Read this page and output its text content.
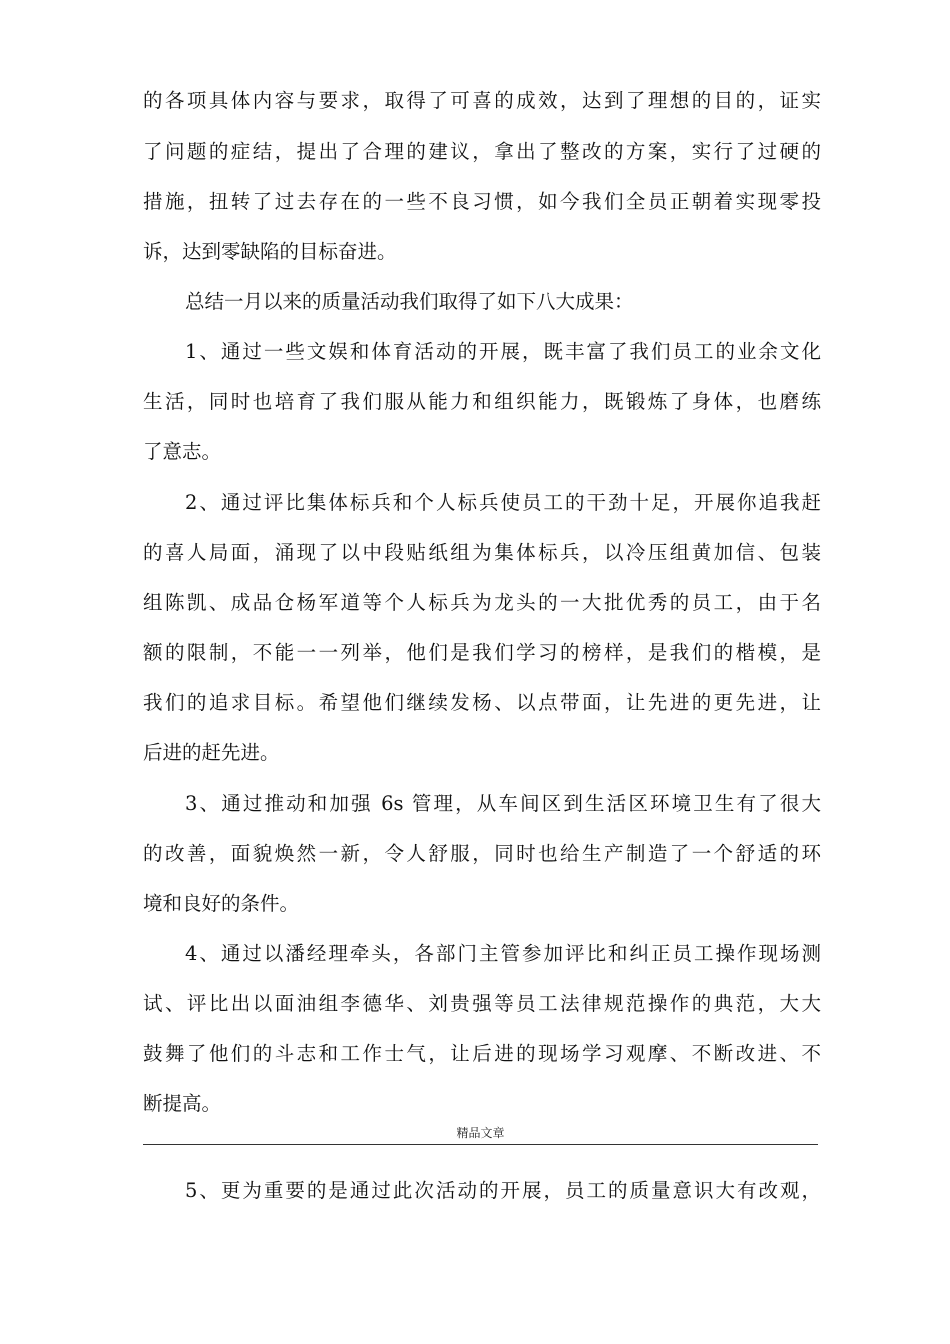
的各项具体内容与要求，取得了可喜的成效，达到了理想的目的，证实
了问题的症结，提出了合理的建议，拿出了整改的方案，实行了过硬的
措施，扭转了过去存在的一些不良习惯，如今我们全员正朝着实现零投
诉，达到零缺陷的目标奋进。
总结一月以来的质量活动我们取得了如下八大成果：
1、通过一些文娱和体育活动的开展，既丰富了我们员工的业余文化
生活，同时也培育了我们服从能力和组织能力，既锻炼了身体，也磨练
了意志。
2、通过评比集体标兵和个人标兵使员工的干劲十足，开展你追我赶
的喜人局面，涌现了以中段贴纸组为集体标兵，以冷压组黄加信、包装
组陈凯、成品仓杨军道等个人标兵为龙头的一大批优秀的员工，由于名
额的限制，不能一一列举，他们是我们学习的榜样，是我们的楷模，是
我们的追求目标。希望他们继续发杨、以点带面，让先进的更先进，让
后进的赶先进。
3、通过推动和加强 6s 管理，从车间区到生活区环境卫生有了很大
的改善，面貌焕然一新，令人舒服，同时也给生产制造了一个舒适的环
境和良好的条件。
4、通过以潘经理牵头，各部门主管参加评比和纠正员工操作现场测
试、评比出以面油组李德华、刘贵强等员工法律规范操作的典范，大大
鼓舞了他们的斗志和工作士气，让后进的现场学习观摩、不断改进、不
断提高。
精品文章
5、更为重要的是通过此次活动的开展，员工的质量意识大有改观，
